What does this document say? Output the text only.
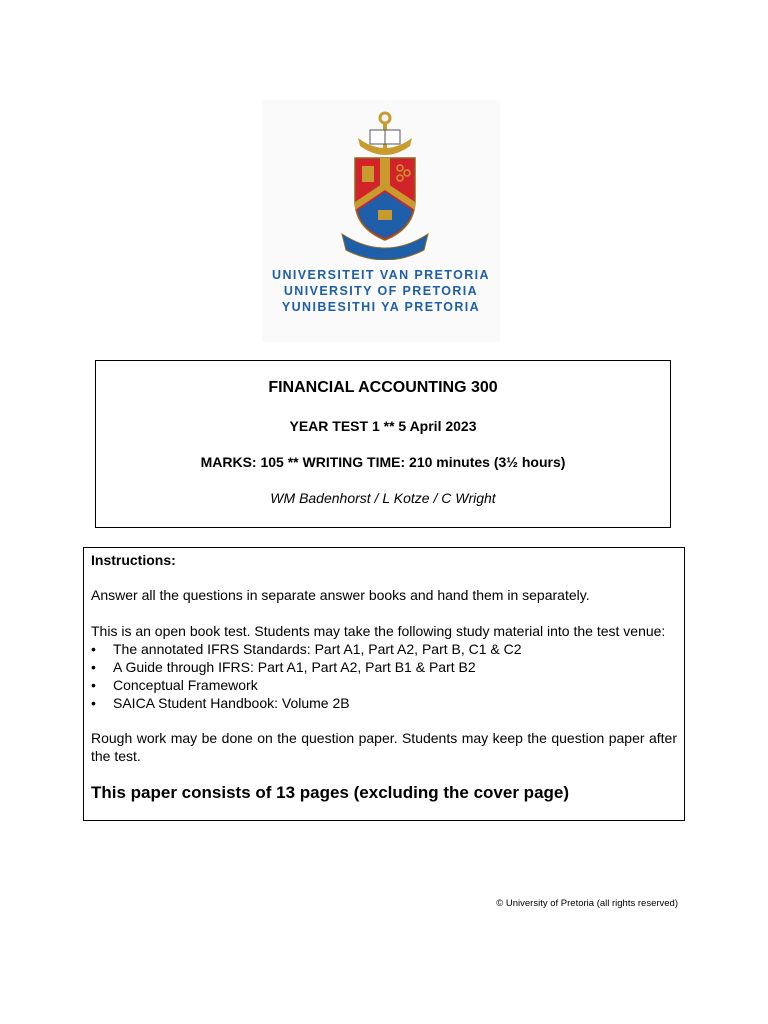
UNIVERSITEIT VAN PRETORIA
UNIVERSITY OF PRETORIA
YUNIBESITHI YA PRETORIA
FINANCIAL ACCOUNTING 300
YEAR TEST 1 ** 5 April 2023
MARKS: 105 ** WRITING TIME: 210 minutes (3½ hours)
WM Badenhorst / L Kotze / C Wright

Instructions:

Answer all the questions in separate answer books and hand them in separately.

This is an open book test. Students may take the following study material into the test venue:

• The annotated IFRS Standards: Part A1, Part A2, Part B, C1 & C2
• A Guide through IFRS: Part A1, Part A2, Part B1 & Part B2
• Conceptual Framework
• SAICA Student Handbook: Volume 2B

Rough work may be done on the question paper. Students may keep the question paper after the test.

This paper consists of 13 pages (excluding the cover page)

© University of Pretoria (all rights reserved)
